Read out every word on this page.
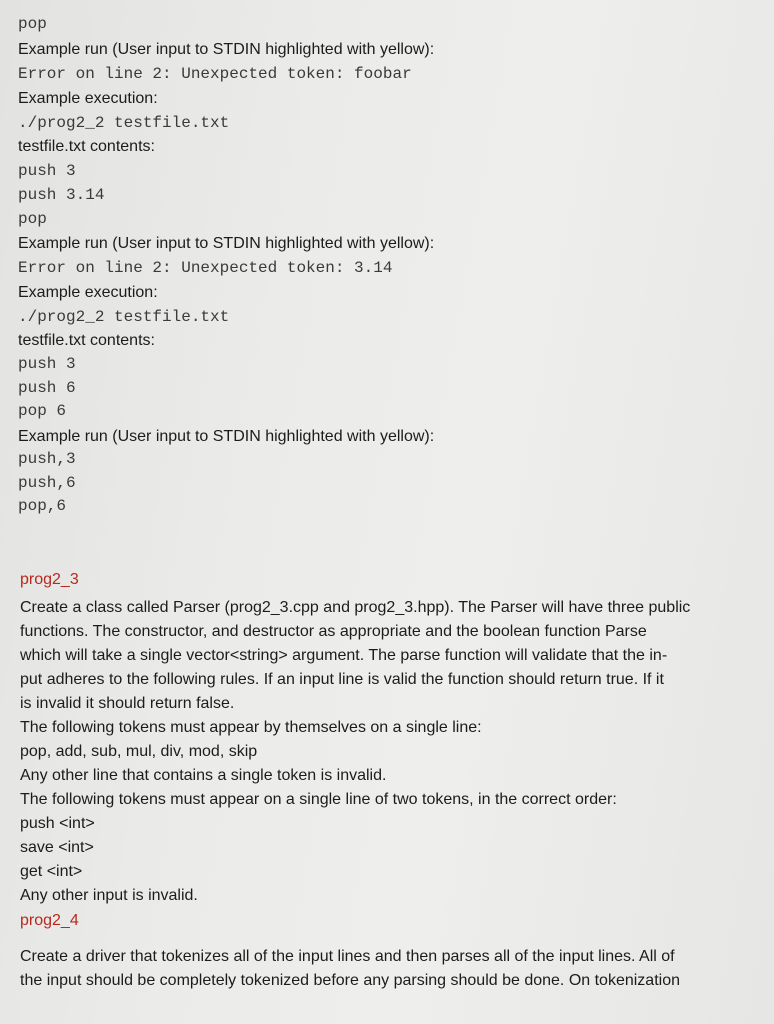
pop
Example run (User input to STDIN highlighted with yellow):
Error on line 2: Unexpected token: foobar
Example execution:
./prog2_2 testfile.txt
testfile.txt contents:
push 3
push 3.14
pop
Example run (User input to STDIN highlighted with yellow):
Error on line 2: Unexpected token: 3.14
Example execution:
./prog2_2 testfile.txt
testfile.txt contents:
push 3
push 6
pop 6
Example run (User input to STDIN highlighted with yellow):
push,3
push,6
pop,6
prog2_3
Create a class called Parser (prog2_3.cpp and prog2_3.hpp). The Parser will have three public
functions. The constructor, and destructor as appropriate and the boolean function Parse
which will take a single vector<string> argument. The parse function will validate that the in-
put adheres to the following rules. If an input line is valid the function should return true. If it
is invalid it should return false.
The following tokens must appear by themselves on a single line:
pop, add, sub, mul, div, mod, skip
Any other line that contains a single token is invalid.
The following tokens must appear on a single line of two tokens, in the correct order:
push <int>
save <int>
get <int>
Any other input is invalid.
prog2_4
Create a driver that tokenizes all of the input lines and then parses all of the input lines. All of
the input should be completely tokenized before any parsing should be done. On tokenization
